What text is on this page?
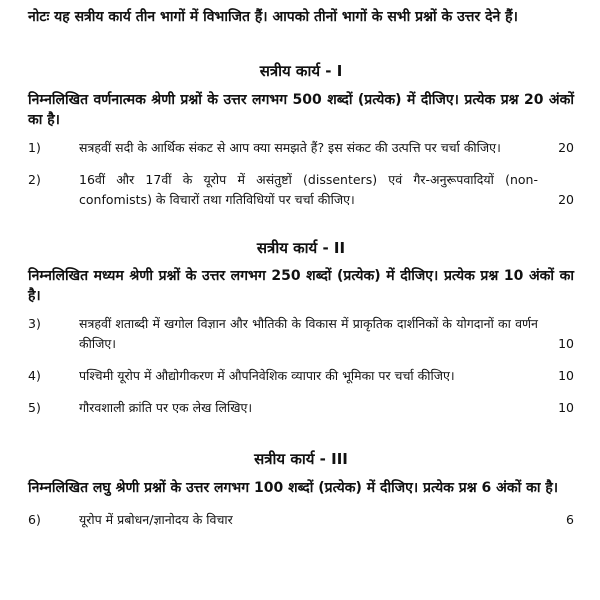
नोटः यह सत्रीय कार्य तीन भागों में विभाजित हैं। आपको तीनों भागों के सभी प्रश्नों के उत्तर देने हैं।

सत्रीय कार्य - I

निम्नलिखित वर्णनात्मक श्रेणी प्रश्नों के उत्तर लगभग 500 शब्दों (प्रत्येक) में दीजिए। प्रत्येक प्रश्न 20 अंकों का है।

1)	सत्रहवीं सदी के आर्थिक संकट से आप क्या समझते हैं? इस संकट की उत्पत्ति पर चर्चा कीजिए।	20
2)	16वीं और 17वीं के यूरोप में असंतुष्टों (dissenters) एवं गैर-अनुरूपवादियों (non-confomists) के विचारों तथा गतिविधियों पर चर्चा कीजिए।	20
सत्रीय कार्य - II

निम्नलिखित मध्यम श्रेणी प्रश्नों के उत्तर लगभग 250 शब्दों (प्रत्येक) में दीजिए। प्रत्येक प्रश्न 10 अंकों का है।

3)	सत्रहवीं शताब्दी में खगोल विज्ञान और भौतिकी के विकास में प्राकृतिक दार्शनिकों के योगदानों का वर्णन कीजिए।	10
4)	पश्चिमी यूरोप में औद्योगीकरण में औपनिवेशिक व्यापार की भूमिका पर चर्चा कीजिए।	10
5)	गौरवशाली क्रांति पर एक लेख लिखिए।	10
सत्रीय कार्य - III

निम्नलिखित लघु श्रेणी प्रश्नों के उत्तर लगभग 100 शब्दों (प्रत्येक) में दीजिए। प्रत्येक प्रश्न 6 अंकों का है।

6)	यूरोप में प्रबोधन/ज्ञानोदय के विचार	6
